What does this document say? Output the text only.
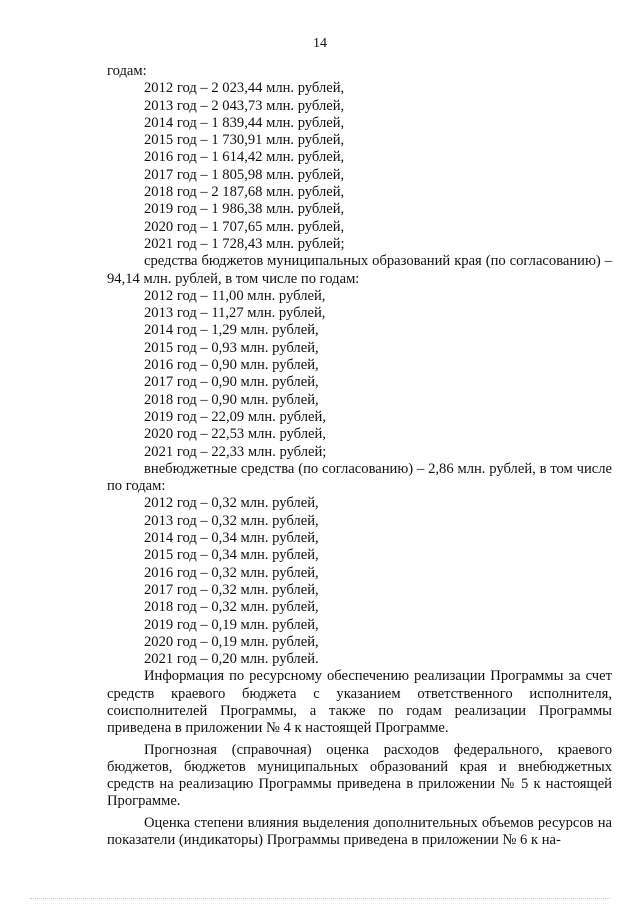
14
годам:
2012 год – 2 023,44 млн. рублей,
2013 год – 2 043,73 млн. рублей,
2014 год – 1 839,44 млн. рублей,
2015 год – 1 730,91 млн. рублей,
2016 год – 1 614,42 млн. рублей,
2017 год – 1 805,98 млн. рублей,
2018 год – 2 187,68 млн. рублей,
2019 год – 1 986,38 млн. рублей,
2020 год – 1 707,65 млн. рублей,
2021 год – 1 728,43 млн. рублей;
средства бюджетов муниципальных образований края (по согласованию) – 94,14 млн. рублей, в том числе по годам:
2012 год – 11,00 млн. рублей,
2013 год – 11,27 млн. рублей,
2014 год – 1,29 млн. рублей,
2015 год – 0,93 млн. рублей,
2016 год – 0,90 млн. рублей,
2017 год – 0,90 млн. рублей,
2018 год – 0,90 млн. рублей,
2019 год – 22,09 млн. рублей,
2020 год – 22,53 млн. рублей,
2021 год – 22,33 млн. рублей;
внебюджетные средства (по согласованию) – 2,86 млн. рублей, в том числе по годам:
2012 год – 0,32 млн. рублей,
2013 год – 0,32 млн. рублей,
2014 год – 0,34 млн. рублей,
2015 год – 0,34 млн. рублей,
2016 год – 0,32 млн. рублей,
2017 год – 0,32 млн. рублей,
2018 год – 0,32 млн. рублей,
2019 год – 0,19 млн. рублей,
2020 год – 0,19 млн. рублей,
2021 год – 0,20 млн. рублей.
Информация по ресурсному обеспечению реализации Программы за счет средств краевого бюджета с указанием ответственного исполнителя, соисполнителей Программы, а также по годам реализации Программы приведена в приложении № 4 к настоящей Программе.
Прогнозная (справочная) оценка расходов федерального, краевого бюджетов, бюджетов муниципальных образований края и внебюджетных средств на реализацию Программы приведена в приложении № 5 к настоящей Программе.
Оценка степени влияния выделения дополнительных объемов ресурсов на показатели (индикаторы) Программы приведена в приложении № 6 к на-
